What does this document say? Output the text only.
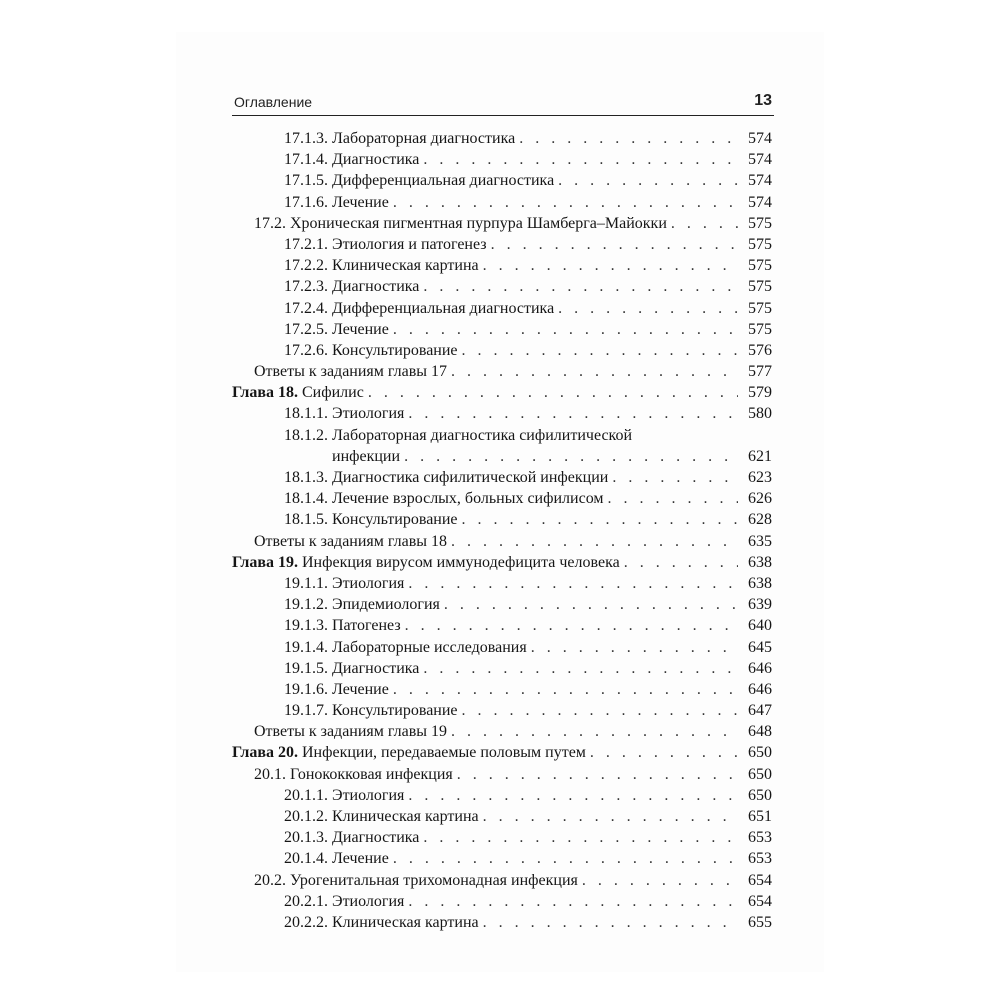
Оглавление	13
17.1.3. Лабораторная диагностика . . .	574
17.1.4. Диагностика . . .	574
17.1.5. Дифференциальная диагностика . . .	574
17.1.6. Лечение . . .	574
17.2. Хроническая пигментная пурпура Шамберга–Майокки . . .	575
17.2.1. Этиология и патогенез . . .	575
17.2.2. Клиническая картина . . .	575
17.2.3. Диагностика . . .	575
17.2.4. Дифференциальная диагностика . . .	575
17.2.5. Лечение . . .	575
17.2.6. Консультирование . . .	576
Ответы к заданиям главы 17 . . .	577
Глава 18. Сифилис . . .	579
18.1.1. Этиология . . .	580
18.1.2. Лабораторная диагностика сифилитической
инфекции . . .	621
18.1.3. Диагностика сифилитической инфекции . . .	623
18.1.4. Лечение взрослых, больных сифилисом . . .	626
18.1.5. Консультирование . . .	628
Ответы к заданиям главы 18 . . .	635
Глава 19. Инфекция вирусом иммунодефицита человека . . .	638
19.1.1. Этиология . . .	638
19.1.2. Эпидемиология . . .	639
19.1.3. Патогенез . . .	640
19.1.4. Лабораторные исследования . . .	645
19.1.5. Диагностика . . .	646
19.1.6. Лечение . . .	646
19.1.7. Консультирование . . .	647
Ответы к заданиям главы 19 . . .	648
Глава 20. Инфекции, передаваемые половым путем . . .	650
20.1. Гонококковая инфекция . . .	650
20.1.1. Этиология . . .	650
20.1.2. Клиническая картина . . .	651
20.1.3. Диагностика . . .	653
20.1.4. Лечение . . .	653
20.2. Урогенитальная трихомонадная инфекция . . .	654
20.2.1. Этиология . . .	654
20.2.2. Клиническая картина . . .	655
